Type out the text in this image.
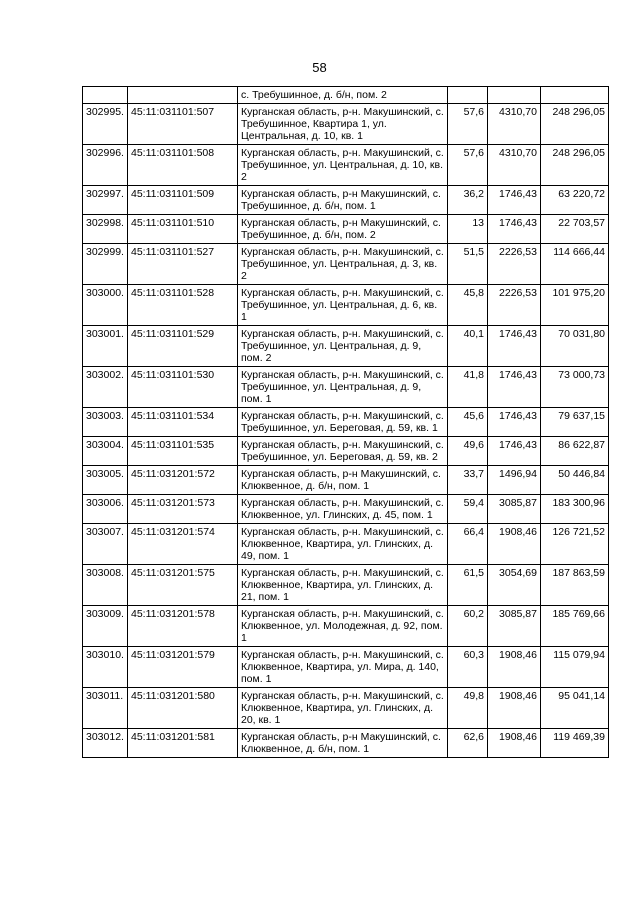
58
		с. Требушинное, д. б/н, пом. 2			
302995.	45:11:031101:507	Курганская область, р-н. Макушинский, с. Требушинное, Квартира 1, ул. Центральная, д. 10, кв. 1	57,6	4310,70	248 296,05
302996.	45:11:031101:508	Курганская область, р-н. Макушинский, с. Требушинное, ул. Центральная, д. 10, кв. 2	57,6	4310,70	248 296,05
302997.	45:11:031101:509	Курганская область, р-н Макушинский, с. Требушинное, д. б/н, пом. 1	36,2	1746,43	63 220,72
302998.	45:11:031101:510	Курганская область, р-н Макушинский, с. Требушинное, д. б/н, пом. 2	13	1746,43	22 703,57
302999.	45:11:031101:527	Курганская область, р-н. Макушинский, с. Требушинное, ул. Центральная, д. 3, кв. 2	51,5	2226,53	114 666,44
303000.	45:11:031101:528	Курганская область, р-н. Макушинский, с. Требушинное, ул. Центральная, д. 6, кв. 1	45,8	2226,53	101 975,20
303001.	45:11:031101:529	Курганская область, р-н. Макушинский, с. Требушинное, ул. Центральная, д. 9, пом. 2	40,1	1746,43	70 031,80
303002.	45:11:031101:530	Курганская область, р-н. Макушинский, с. Требушинное, ул. Центральная, д. 9, пом. 1	41,8	1746,43	73 000,73
303003.	45:11:031101:534	Курганская область, р-н. Макушинский, с. Требушинное, ул. Береговая, д. 59, кв. 1	45,6	1746,43	79 637,15
303004.	45:11:031101:535	Курганская область, р-н. Макушинский, с. Требушинное, ул. Береговая, д. 59, кв. 2	49,6	1746,43	86 622,87
303005.	45:11:031201:572	Курганская область, р-н Макушинский, с. Клюквенное, д. б/н, пом. 1	33,7	1496,94	50 446,84
303006.	45:11:031201:573	Курганская область, р-н. Макушинский, с. Клюквенное, ул. Глинских, д. 45, пом. 1	59,4	3085,87	183 300,96
303007.	45:11:031201:574	Курганская область, р-н. Макушинский, с. Клюквенное, Квартира, ул. Глинских, д. 49, пом. 1	66,4	1908,46	126 721,52
303008.	45:11:031201:575	Курганская область, р-н. Макушинский, с. Клюквенное, Квартира, ул. Глинских, д. 21, пом. 1	61,5	3054,69	187 863,59
303009.	45:11:031201:578	Курганская область, р-н. Макушинский, с. Клюквенное, ул. Молодежная, д. 92, пом. 1	60,2	3085,87	185 769,66
303010.	45:11:031201:579	Курганская область, р-н. Макушинский, с. Клюквенное, Квартира, ул. Мира, д. 140, пом. 1	60,3	1908,46	115 079,94
303011.	45:11:031201:580	Курганская область, р-н. Макушинский, с. Клюквенное, Квартира, ул. Глинских, д. 20, кв. 1	49,8	1908,46	95 041,14
303012.	45:11:031201:581	Курганская область, р-н Макушинский, с. Клюквенное, д. б/н, пом. 1	62,6	1908,46	119 469,39
